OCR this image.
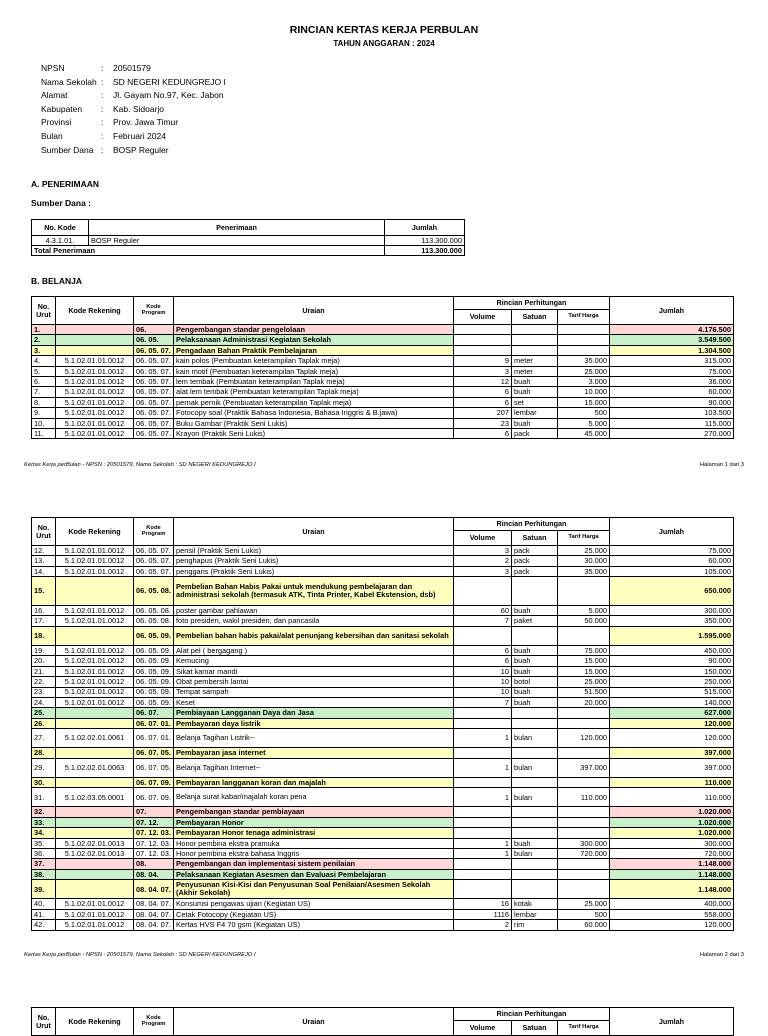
RINCIAN KERTAS KERJA PERBULAN
TAHUN ANGGARAN : 2024
NPSN	: 20501579
Nama Sekolah : SD NEGERI KEDUNGREJO I
Alamat	: Jl. Gayam No.97, Kec. Jabon
Kabupaten : Kab. Sidoarjo
Provinsi	: Prov. Jawa Timur
Bulan	: Februari 2024
Sumber Dana : BOSP Reguler
A. PENERIMAAN
Sumber Dana :
No. Kode	Penerimaan	Jumlah
4.3.1.01.	BOSP Reguler	113.300.000
Total Penerimaan		113.300.000
B. BELANJA
No. Urut	Kode Rekening	Kode Program	Uraian	Rincian Perhitungan			Jumlah
				Volume	Satuan	Tarif Harga	
1.		06.	Pengembangan standar pengelolaan				4.176.500
2.		06. 05.	Pelaksanaan Administrasi Kegiatan Sekolah				3.549.500
3.		06. 05. 07.	Pengadaan Bahan Praktik Pembelajaran				1.304.500
4.	5.1.02.01.01.0012	06. 05. 07.	kain polos (Pembuatan keterampilan Taplak meja)	9	meter	35.000	315.000
5.	5.1.02.01.01.0012	06. 05. 07.	kain motif (Pembuatan keterampilan Taplak meja)	3	meter	25.000	75.000
6.	5.1.02.01.01.0012	06. 05. 07.	lem tembak (Pembuatan keterampilan Taplak meja)	12	buah	3.000	36.000
7.	5.1.02.01.01.0012	06. 05. 07.	alat lem tembak (Pembuatan keterampilan Taplak meja)	6	buah	10.000	60.000
8.	5.1.02.01.01.0012	06. 05. 07.	pernak pernik (Pembuatan keterampilan Taplak meja)	6	set	15.000	90.000
9.	5.1.02.01.01.0012	06. 05. 07.	Fotocopy soal (Praktik Bahasa Indonesia, Bahasa Inggris & B.jawa)	207	lembar	500	103.500
10.	5.1.02.01.01.0012	06. 05. 07.	Buku Gambar (Praktik Seni Lukis)	23	buah	5.000	115.000
11.	5.1.02.01.01.0012	06. 05. 07.	Krayon (Praktik Seni Lukis)	6	pack	45.000	270.000
Kertas Kerja perBulan - NPSN : 20501579, Nama Sekolah : SD NEGERI KEDUNGREJO I	Halaman 1 dari 3
No. Urut	Kode Rekening	Kode Program	Uraian	Rincian Perhitungan			Jumlah
				Volume	Satuan	Tarif Harga	
12.	5.1.02.01.01.0012	06. 05. 07.	pensil (Praktik Seni Lukis)	3	pack	25.000	75.000
13.	5.1.02.01.01.0012	06. 05. 07.	penghapus (Praktik Seni Lukis)	2	pack	30.000	60.000
14.	5.1.02.01.01.0012	06. 05. 07.	penggaris (Praktik Seni Lukis)	3	pack	35.000	105.000
15.		06. 05. 08.	Pembelian Bahan Habis Pakai untuk mendukung pembelajaran dan administrasi sekolah (termasuk ATK, Tinta Printer, Kabel Ekstension, dsb)				650.000
16.	5.1.02.01.01.0012	06. 05. 08.	poster gambar pahlawan	60	buah	5.000	300.000
17.	5.1.02.01.01.0012	06. 05. 08.	foto presiden, wakil presiden, dan pancasila	7	paket	50.000	350.000
18.		06. 05. 09.	Pembelian bahan habis pakai/alat penunjang kebersihan dan sanitasi sekolah				1.595.000
19.	5.1.02.01.01.0012	06. 05. 09.	Alat pel ( bergagang )	6	buah	75.000	450.000
20.	5.1.02.01.01.0012	06. 05. 09.	Kemucing	6	buah	15.000	90.000
21.	5.1.02.01.01.0012	06. 05. 09.	Sikat kamar mandi	10	buah	15.000	150.000
22.	5.1.02.01.01.0012	06. 05. 09.	Obat pembersih lantai	10	botol	25.000	250.000
23.	5.1.02.01.01.0012	06. 05. 09.	Tempat sampah	10	buah	51.500	515.000
24.	5.1.02.01.01.0012	06. 05. 09.	Keset	7	buah	20.000	140.000
25.		06. 07.	Pembiayaan Langganan Daya dan Jasa				627.000
26.		06. 07. 01.	Pembayaran daya listrik				120.000
27.	5.1.02.02.01.0061	06. 07. 01.	Belanja Tagihan Listrik--	1	bulan	120.000	120.000
28.		06. 07. 05.	Pembayaran jasa internet				397.000
29.	5.1.02.02.01.0063	06. 07. 05.	Belanja Tagihan Internet--	1	bulan	397.000	397.000
30.		06. 07. 09.	Pembayaran langganan koran dan majalah				110.000
31.	5.1.02.03.05.0001	06. 07. 09.	Belanja surat kabar/majalah koran pena	1	bulan	110.000	110.000
32.		07.	Pengembangan standar pembiayaan				1.020.000
33.		07. 12.	Pembayaran Honor				1.020.000
34.		07. 12. 03.	Pembayaran Honor tenaga administrasi				1.020.000
35.	5.1.02.02.01.0013	07. 12. 03.	Honor pembina ekstra pramuka	1	buah	300.000	300.000
36.	5.1.02.02.01.0013	07. 12. 03.	Honor pembina ekstra bahasa Inggris	1	bulan	720.000	720.000
37.		08.	Pengembangan dan implementasi sistem penilaian				1.148.000
38.		08. 04.	Pelaksanaan Kegiatan Asesmen dan Evaluasi Pembelajaran				1.148.000
39.		08. 04. 07.	Penyusunan Kisi-Kisi dan Penyusunan Soal Penilaian/Asesmen Sekolah (Akhir Sekolah)				1.148.000
40.	5.1.02.01.01.0012	08. 04. 07.	Konsumsi pengawas ujian (Kegiatan US)	16	kotak	25.000	400.000
41.	5.1.02.01.01.0012	08. 04. 07.	Cetak Fotocopy (Kegiatan US)	1116	lembar	500	558.000
42.	5.1.02.01.01.0012	08. 04. 07.	Kertas HVS F4 70 gsm (Kegiatan US)	2	rim	60.000	120.000
Kertas Kerja perBulan - NPSN : 20501579, Nama Sekolah : SD NEGERI KEDUNGREJO I	Halaman 2 dari 3
No. Urut	Kode Rekening	Kode Program	Uraian	Rincian Perhitungan			Jumlah
				Volume	Satuan	Tarif Harga	
